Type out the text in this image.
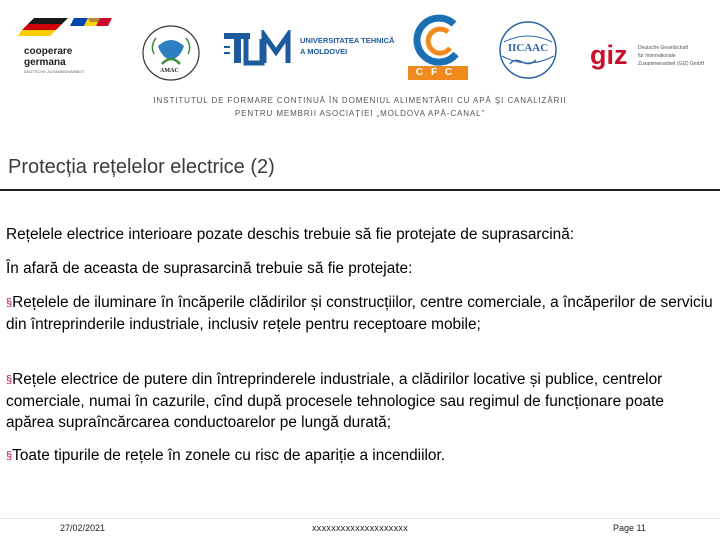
cooperare
germana
DEUTSCHE ZUSAMMENARBEIT	AMAC
UNIVERSITATEA TEHNICĂ
A MOLDOVEI
CFC
IICAAC giz Deutsche Gesellschaft
für Internationale
Zusammenarbeit (GIZ) GmbH
INSTITUTUL DE FORMARE CONTINUĂ ÎN DOMENIUL ALIMENTĂRII CU APĂ ŞI CANALIZĂRII
PENTRU MEMBRII ASOCIAȚIEI „MOLDOVA APĂ-CANAL”
Protecția rețelelor electrice (2)
Rețelele electrice interioare pozate deschis trebuie să fie protejate de suprasarcină:
În afară de aceasta de suprasarcină trebuie să fie protejate:
§Rețelele de iluminare în încăperile clădirilor și construcțiilor, centre comerciale, a încăperilor de serviciu din întreprinderile industriale, inclusiv rețele pentru receptoare mobile;
§Rețele electrice de putere din întreprinderele industriale, a clădirilor locative și publice, centrelor comerciale, numai în cazurile, cînd după procesele tehnologice sau regimul de funcționare poate apărea supraîncărcarea conductoarelor pe lungă durată;
§Toate tipurile de rețele în zonele cu risc de apariție a incendiilor.
27/02/2021	xxxxxxxxxxxxxxxxxxxx	Page 11
